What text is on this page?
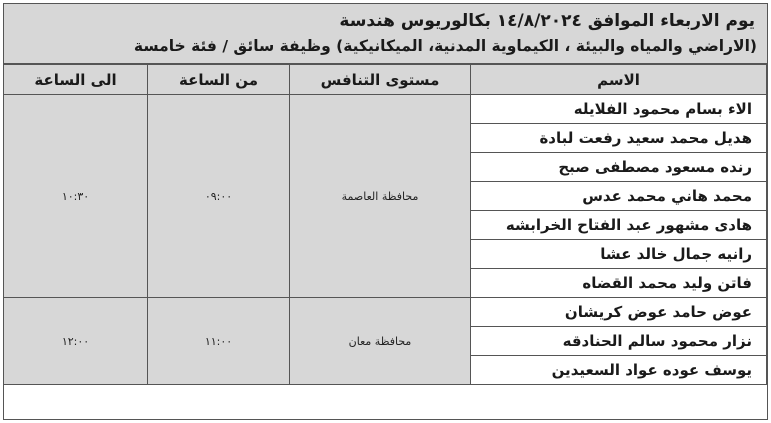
يوم الاربعاء الموافق ١٤/٨/٢٠٢٤ بكالوريوس هندسة
(الاراضي والمياه والبيئة ، الكيماوية المدنية، الميكانيكية) وظيفة سائق / فئة خامسة
الاسم	مستوى التنافس	من الساعة	الى الساعة
الاء بسام محمود الفلايله	محافظة العاصمة	٠٩:٠٠	١٠:٣٠
هديل محمد سعيد رفعت لبادة			
رنده مسعود مصطفى صبح			
محمد هاني محمد عدس			
هادى مشهور عبد الفتاح الخرابشه			
رانيه جمال خالد عشا			
فاتن وليد محمد القضاه			
عوض حامد عوض كريشان	محافظة معان	١١:٠٠	١٢:٠٠
نزار محمود سالم الحنادقه			
يوسف عوده عواد السعيدين			
